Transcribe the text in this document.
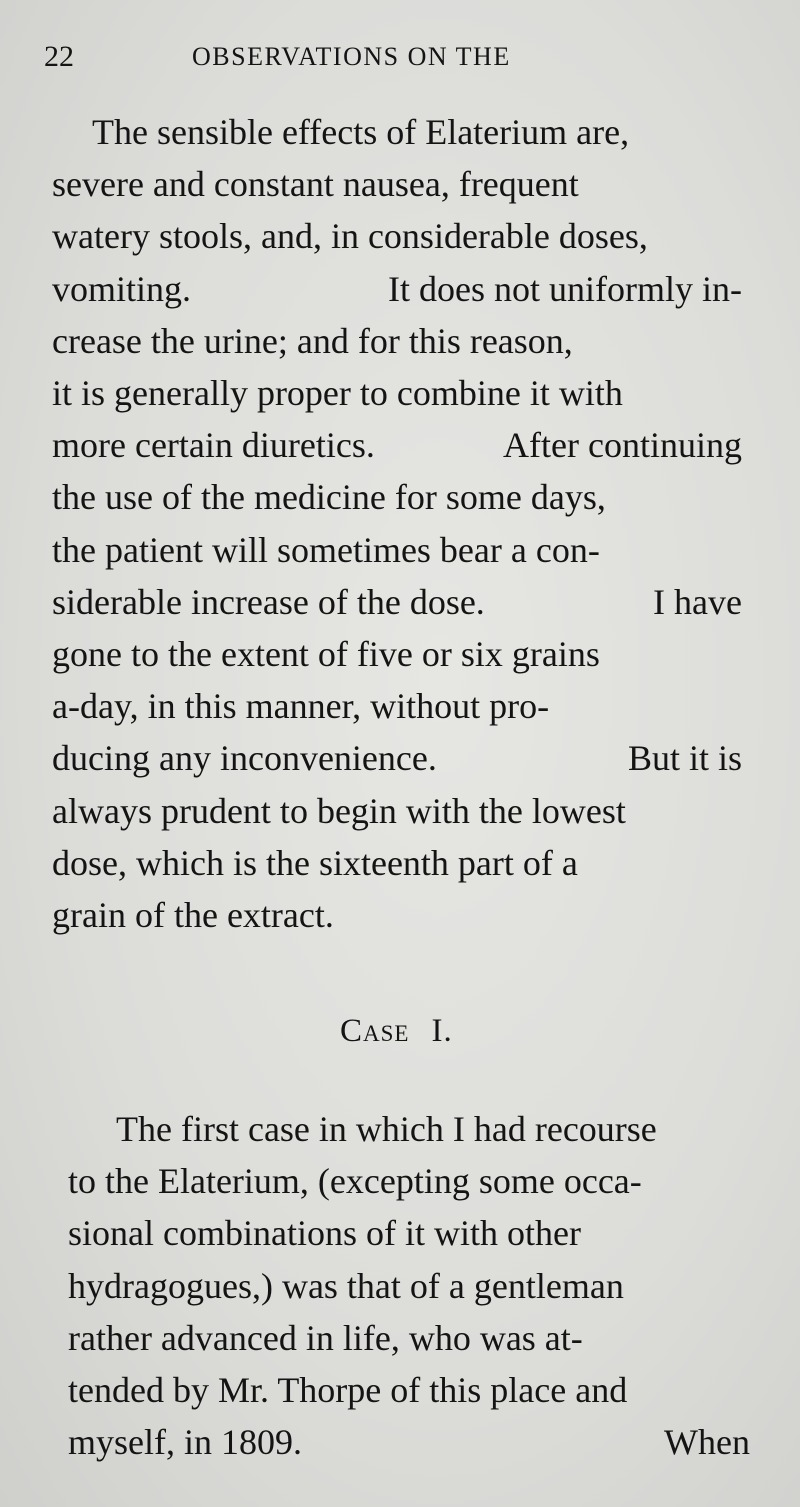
22	OBSERVATIONS ON THE
The sensible effects of Elaterium are,
severe and constant nausea, frequent
watery stools, and, in considerable doses,
vomiting.	It does not uniformly in-
crease the urine; and for this reason,
it is generally proper to combine it with
more certain diuretics.	After continuing
the use of the medicine for some days,
the patient will sometimes bear a con-
siderable increase of the dose.	I have
gone to the extent of five or six grains
a-day, in this manner, without pro-
ducing any inconvenience.	But it is
always prudent to begin with the lowest
dose, which is the sixteenth part of a
grain of the extract.
Case I.
The first case in which I had recourse
to the Elaterium, (excepting some occa-
sional combinations of it with other
hydragogues,) was that of a gentleman
rather advanced in life, who was at-
tended by Mr. Thorpe of this place and
myself, in 1809.	When
